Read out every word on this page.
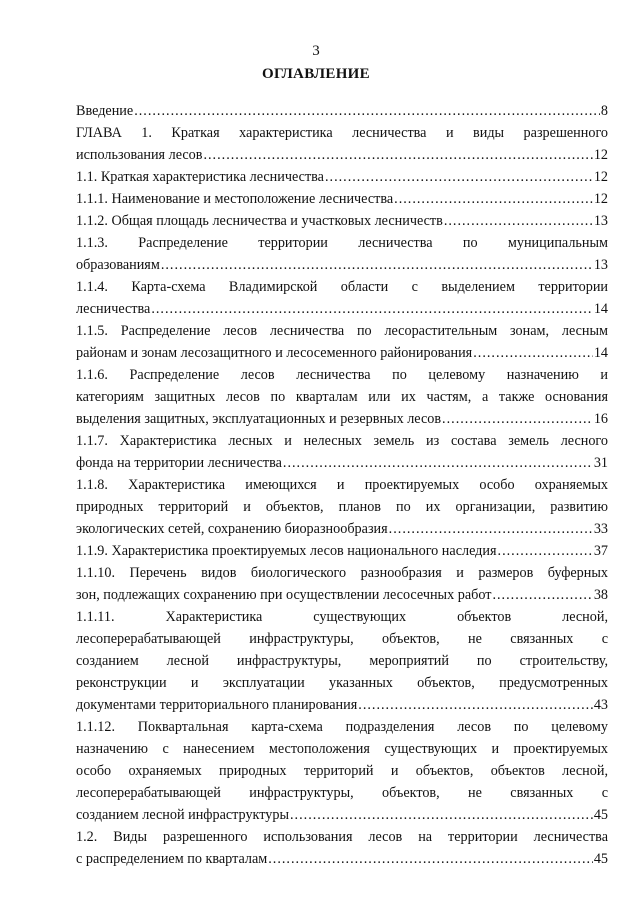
3
ОГЛАВЛЕНИЕ
Введение .....	8
ГЛАВА 1. Краткая характеристика лесничества и виды разрешенного
использования лесов .....	12
1.1. Краткая характеристика лесничества .....	12
1.1.1. Наименование и местоположение лесничества .....	12
1.1.2. Общая площадь лесничества и участковых лесничеств .....	13
1.1.3. Распределение территории лесничества по муниципальным
образованиям .....	13
1.1.4. Карта-схема Владимирской области с выделением территории
лесничества .....	14
1.1.5. Распределение лесов лесничества по лесорастительным зонам, лесным
районам и зонам лесозащитного и лесосеменного районирования .....	14
1.1.6. Распределение лесов лесничества по целевому назначению и
категориям защитных лесов по кварталам или их частям, а также основания
выделения защитных, эксплуатационных и резервных лесов .....	16
1.1.7. Характеристика лесных и нелесных земель из состава земель лесного
фонда на территории лесничества .....	31
1.1.8. Характеристика имеющихся и проектируемых особо охраняемых
природных территорий и объектов, планов по их организации, развитию
экологических сетей, сохранению биоразнообразия .....	33
1.1.9. Характеристика проектируемых лесов национального наследия .....	37
1.1.10. Перечень видов биологического разнообразия и размеров буферных
зон, подлежащих сохранению при осуществлении лесосечных работ .....	38
1.1.11. Характеристика существующих объектов лесной,
лесоперерабатывающей инфраструктуры, объектов, не связанных с
созданием лесной инфраструктуры, мероприятий по строительству,
реконструкции и эксплуатации указанных объектов, предусмотренных
документами территориального планирования .....	43
1.1.12. Поквартальная карта-схема подразделения лесов по целевому
назначению с нанесением местоположения существующих и проектируемых
особо охраняемых природных территорий и объектов, объектов лесной,
лесоперерабатывающей инфраструктуры, объектов, не связанных с
созданием лесной инфраструктуры .....	45
1.2. Виды разрешенного использования лесов на территории лесничества
с распределением по кварталам .....	45
